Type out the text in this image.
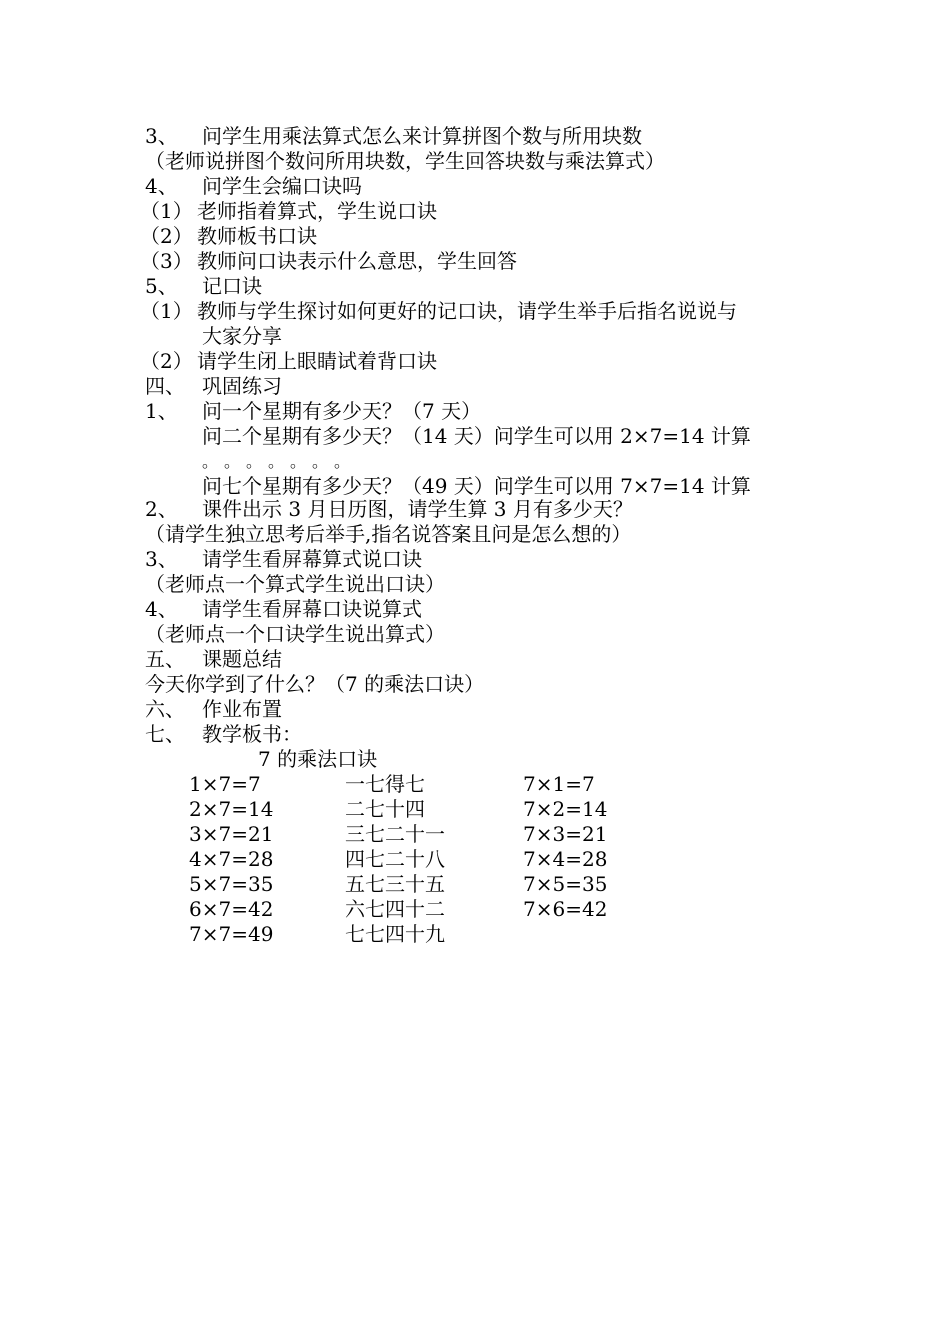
3、 问学生用乘法算式怎么来计算拼图个数与所用块数
（老师说拼图个数问所用块数，学生回答块数与乘法算式）
4、 问学生会编口诀吗
（1） 老师指着算式，学生说口诀
（2） 教师板书口诀
（3） 教师问口诀表示什么意思，学生回答
5、 记口诀
（1） 教师与学生探讨如何更好的记口诀，请学生举手后指名说说与
大家分享
（2） 请学生闭上眼睛试着背口诀
四、 巩固练习
1、 问一个星期有多少天？（7 天）
问二个星期有多少天？（14 天）问学生可以用 2×7=14 计算
。 。 。 。 。 。 。
问七个星期有多少天？（49 天）问学生可以用 7×7=14 计算
2、 课件出示 3 月日历图，请学生算 3 月有多少天？
（请学生独立思考后举手,指名说答案且问是怎么想的）
3、 请学生看屏幕算式说口诀
（老师点一个算式学生说出口诀）
4、 请学生看屏幕口诀说算式
（老师点一个口诀学生说出算式）
五、 课题总结
今天你学到了什么？（7 的乘法口诀）
六、 作业布置
七、 教学板书：
7 的乘法口诀
1×7=7
2×7=14
3×7=21
4×7=28
5×7=35
6×7=42
7×7=49
一七得七
二七十四
三七二十一
四七二十八
五七三十五
六七四十二
七七四十九
7×1=7
7×2=14
7×3=21
7×4=28
7×5=35
7×6=42
